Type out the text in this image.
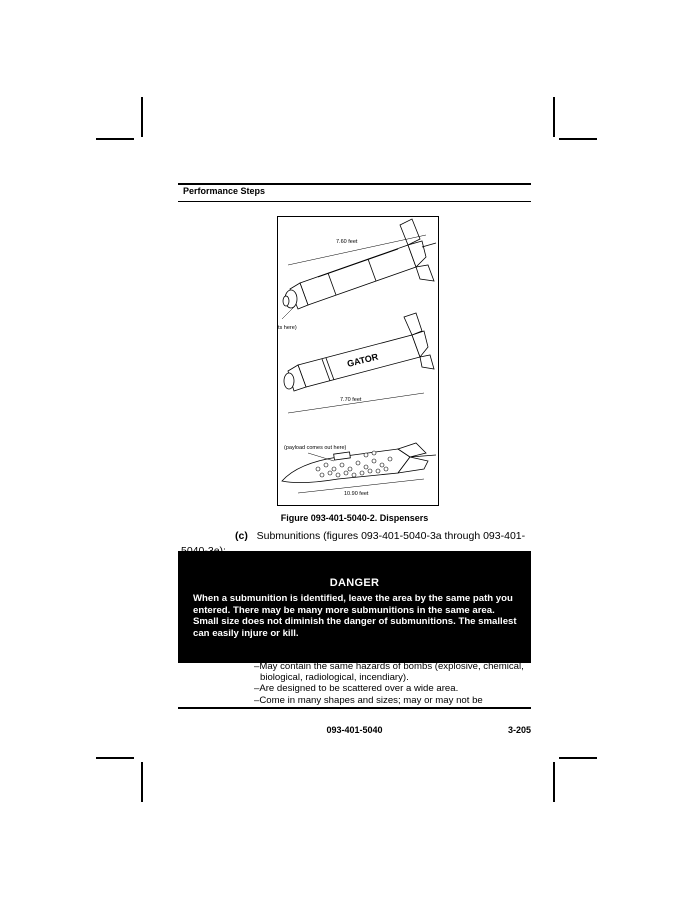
Performance Steps
7.60 feet
ts here)
GATOR
7.70 feet
(payload comes out here)
10.90 feet
Figure 093-401-5040-2. Dispensers
(c) Submunitions (figures 093-401-5040-3a through 093-401-
DANGER
When a submunition is identified, leave the area by the same path you entered. There may be many more submunitions in the same area. Small size does not diminish the danger of submunitions. The smallest can easily injure or kill.

–May contain the same hazards of bombs (explosive, chemical, biological, radiological, incendiary).

–Are designed to be scattered over a wide area.

–Come in many shapes and sizes; may or may not be

093-401-5040	3-205
